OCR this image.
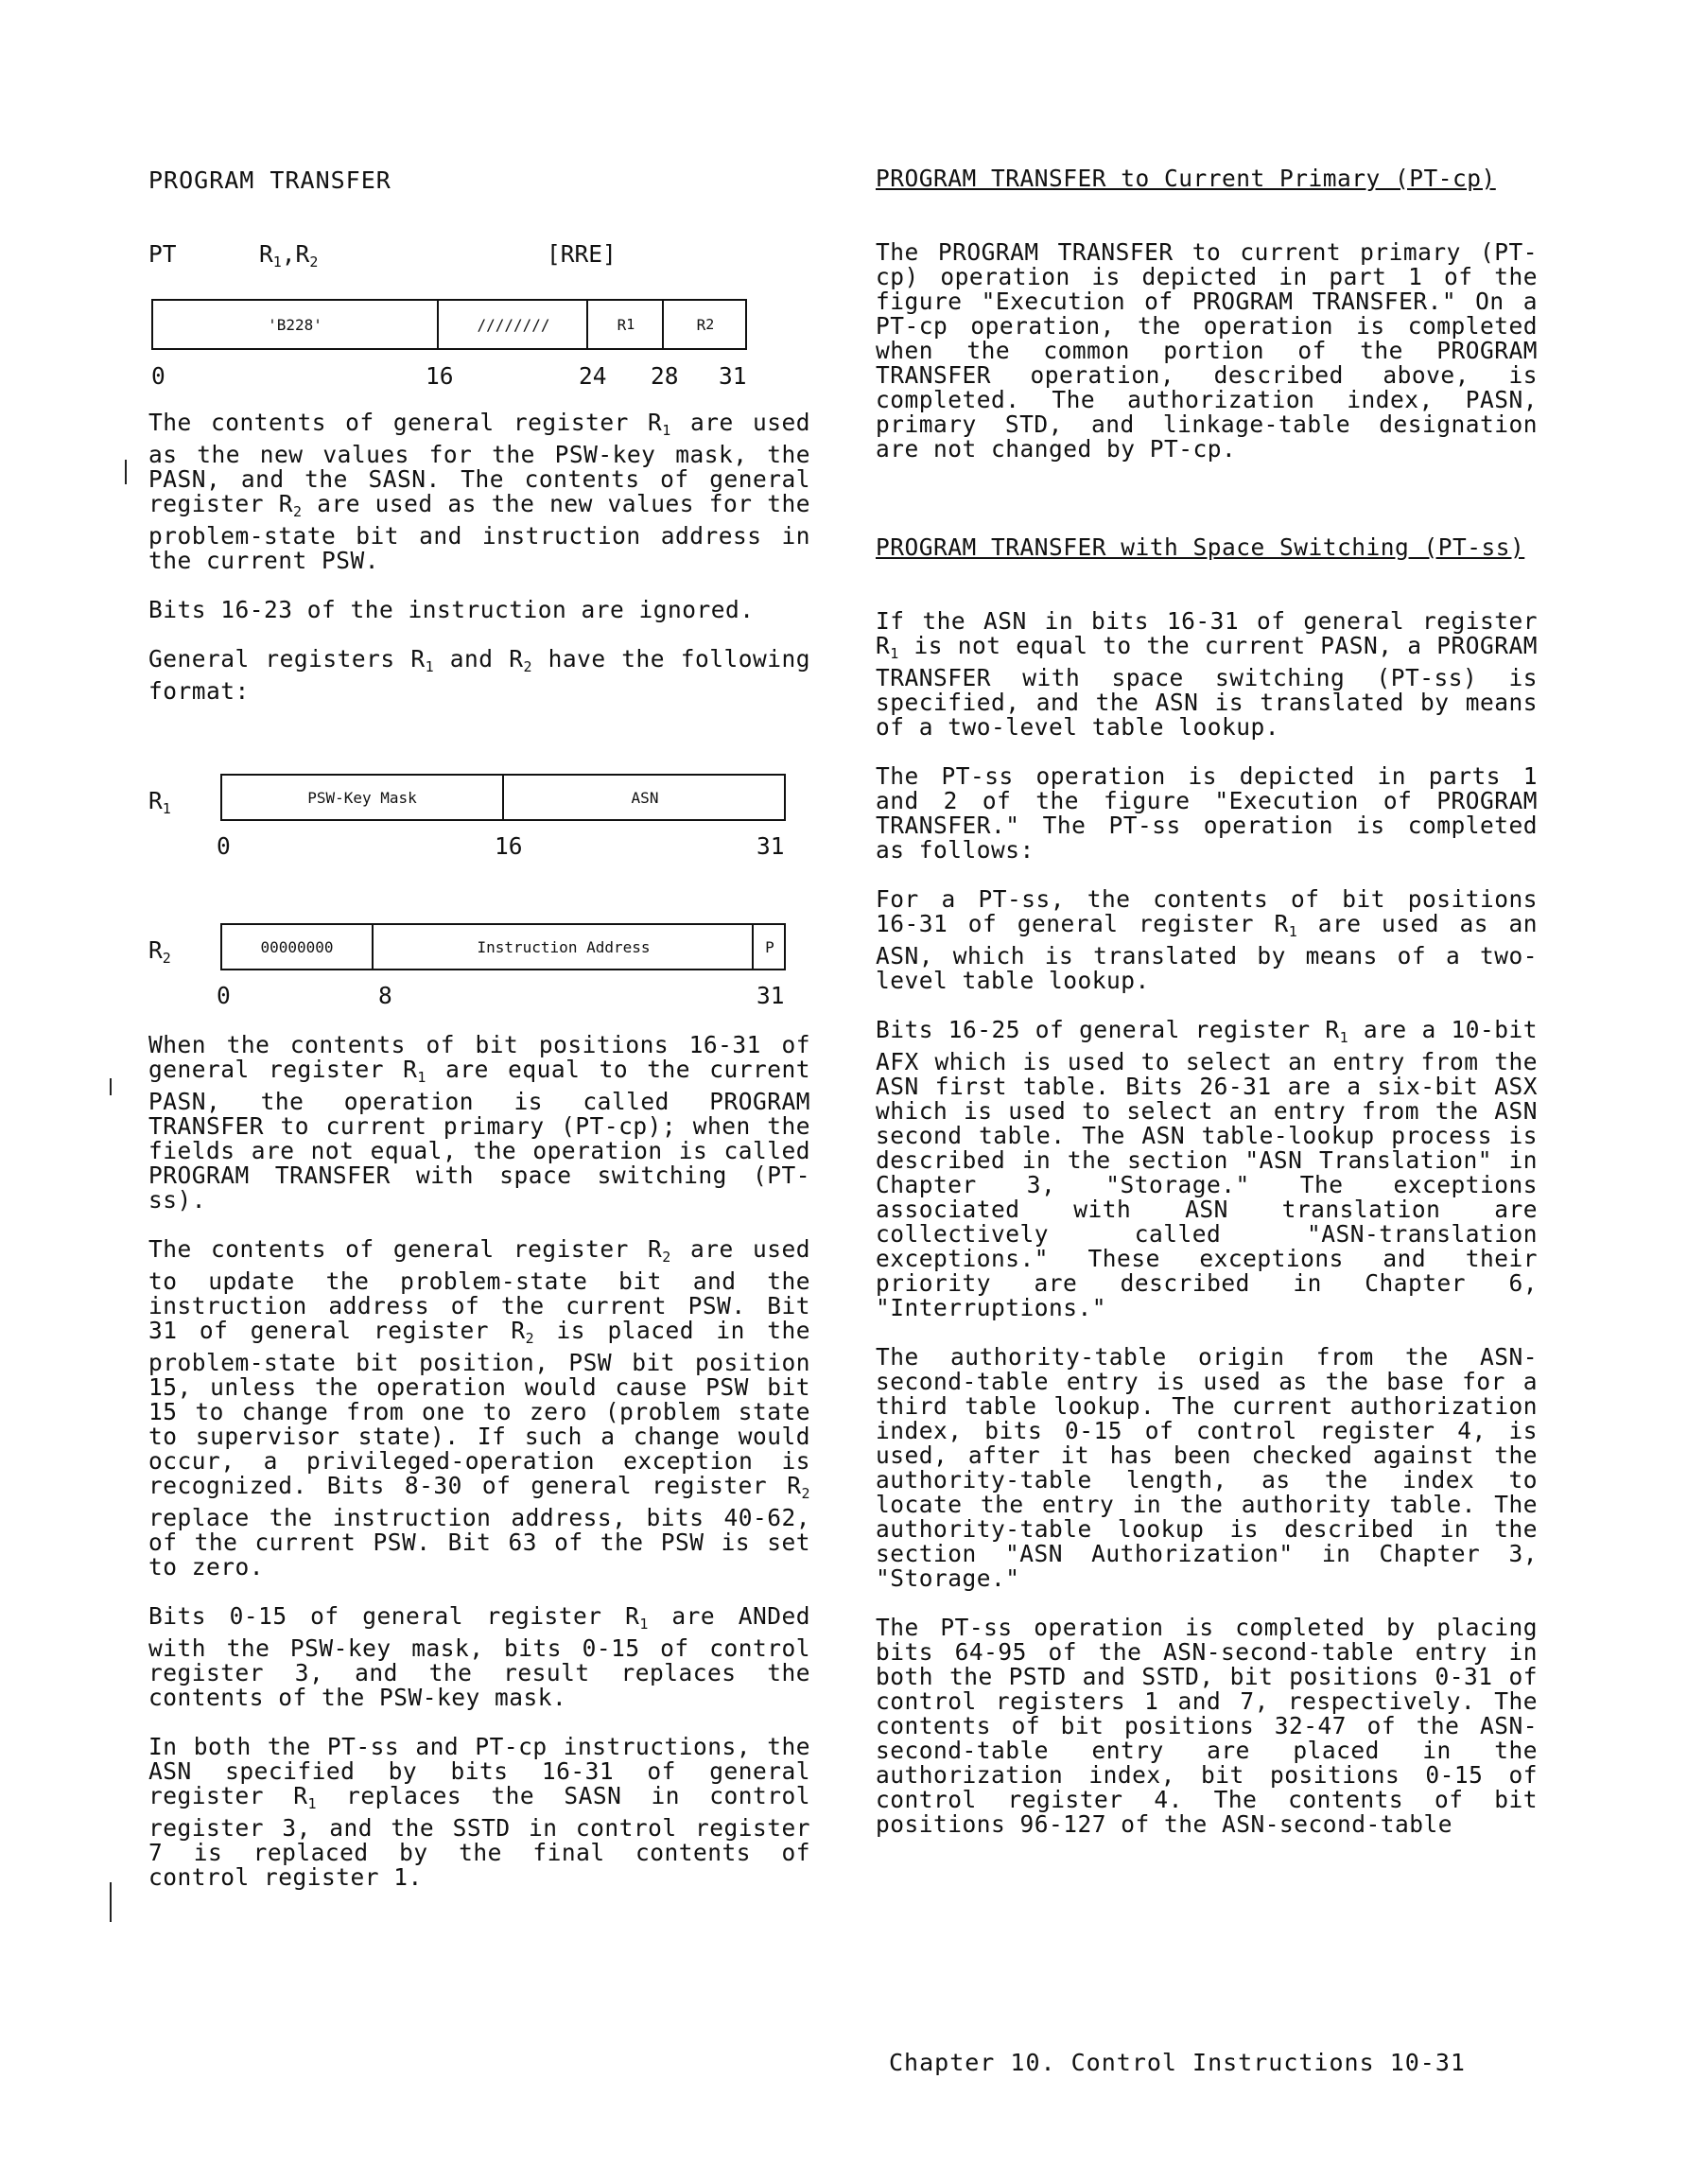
PROGRAM TRANSFER
PT	$R_1,R_2$	[RRE]
'B228'	////////	R 1	R 2
0	16	24 28 31

The contents of general register $R_1$ are used as the new values for the PSW-key mask, the PASN, and the SASN. The contents of general register $R_2$ are used as the new values for the problem-state bit and instruction address in the current PSW.

Bits 16-23 of the instruction are ignored.

General registers $R_1$ and $R_2$ have the following format:

$R_1$
PSW-Key Mask	ASN
0	16	31
$R_2$
00000000	Instruction Address	P
0	8	31

When the contents of bit positions 16-31 of general register $R_1$ are equal to the current PASN, the operation is called PROGRAM TRANSFER to current primary (PT-cp); when the fields are not equal, the operation is called PROGRAM TRANSFER with space switching (PT-ss).

The contents of general register $R_2$ are used to update the problem-state bit and the instruction address of the current PSW. Bit 31 of general register $R_2$ is placed in the problem-state bit position, PSW bit position 15, unless the operation would cause PSW bit 15 to change from one to zero (problem state to supervisor state). If such a change would occur, a privileged-operation exception is recognized. Bits 8-30 of general register $R_2$ replace the instruction address, bits 40-62, of the current PSW. Bit 63 of the PSW is set to zero.

Bits 0-15 of general register $R_1$ are ANDed with the PSW-key mask, bits 0-15 of control register 3, and the result replaces the contents of the PSW-key mask.

In both the PT-ss and PT-cp instructions, the ASN specified by bits 16-31 of general register $R_1$ replaces the SASN in control register 3, and the SSTD in control register 7 is replaced by the final contents of control register 1.

PROGRAM TRANSFER to Current Primary (PT-cp)

The PROGRAM TRANSFER to current primary (PT-cp) operation is depicted in part 1 of the figure "Execution of PROGRAM TRANSFER." On a PT-cp operation, the operation is completed when the common portion of the PROGRAM TRANSFER operation, described above, is completed. The authorization index, PASN, primary STD, and linkage-table designation are not changed by PT-cp.

PROGRAM TRANSFER with Space Switching (PT-ss)

If the ASN in bits 16-31 of general register $R_1$ is not equal to the current PASN, a PROGRAM TRANSFER with space switching (PT-ss) is specified, and the ASN is translated by means of a two-level table lookup.

The PT-ss operation is depicted in parts 1 and 2 of the figure "Execution of PROGRAM TRANSFER." The PT-ss operation is completed as follows:

For a PT-ss, the contents of bit positions 16-31 of general register $R_1$ are used as an ASN, which is translated by means of a two-level table lookup.

Bits 16-25 of general register $R_1$ are a 10-bit AFX which is used to select an entry from the ASN first table. Bits 26-31 are a six-bit ASX which is used to select an entry from the ASN second table. The ASN table-lookup process is described in the section "ASN Translation" in Chapter 3, "Storage." The exceptions associated with ASN translation are collectively called "ASN-translation exceptions." These exceptions and their priority are described in Chapter 6, "Interruptions."

The authority-table origin from the ASN-second-table entry is used as the base for a third table lookup. The current authorization index, bits 0-15 of control register 4, is used, after it has been checked against the authority-table length, as the index to locate the entry in the authority table. The authority-table lookup is described in the section "ASN Authorization" in Chapter 3, "Storage."

The PT-ss operation is completed by placing bits 64-95 of the ASN-second-table entry in both the PSTD and SSTD, bit positions 0-31 of control registers 1 and 7, respectively. The contents of bit positions 32-47 of the ASN-second-table entry are placed in the authorization index, bit positions 0-15 of control register 4. The contents of bit positions 96-127 of the ASN-second-table

Chapter 10. Control Instructions 10-31
